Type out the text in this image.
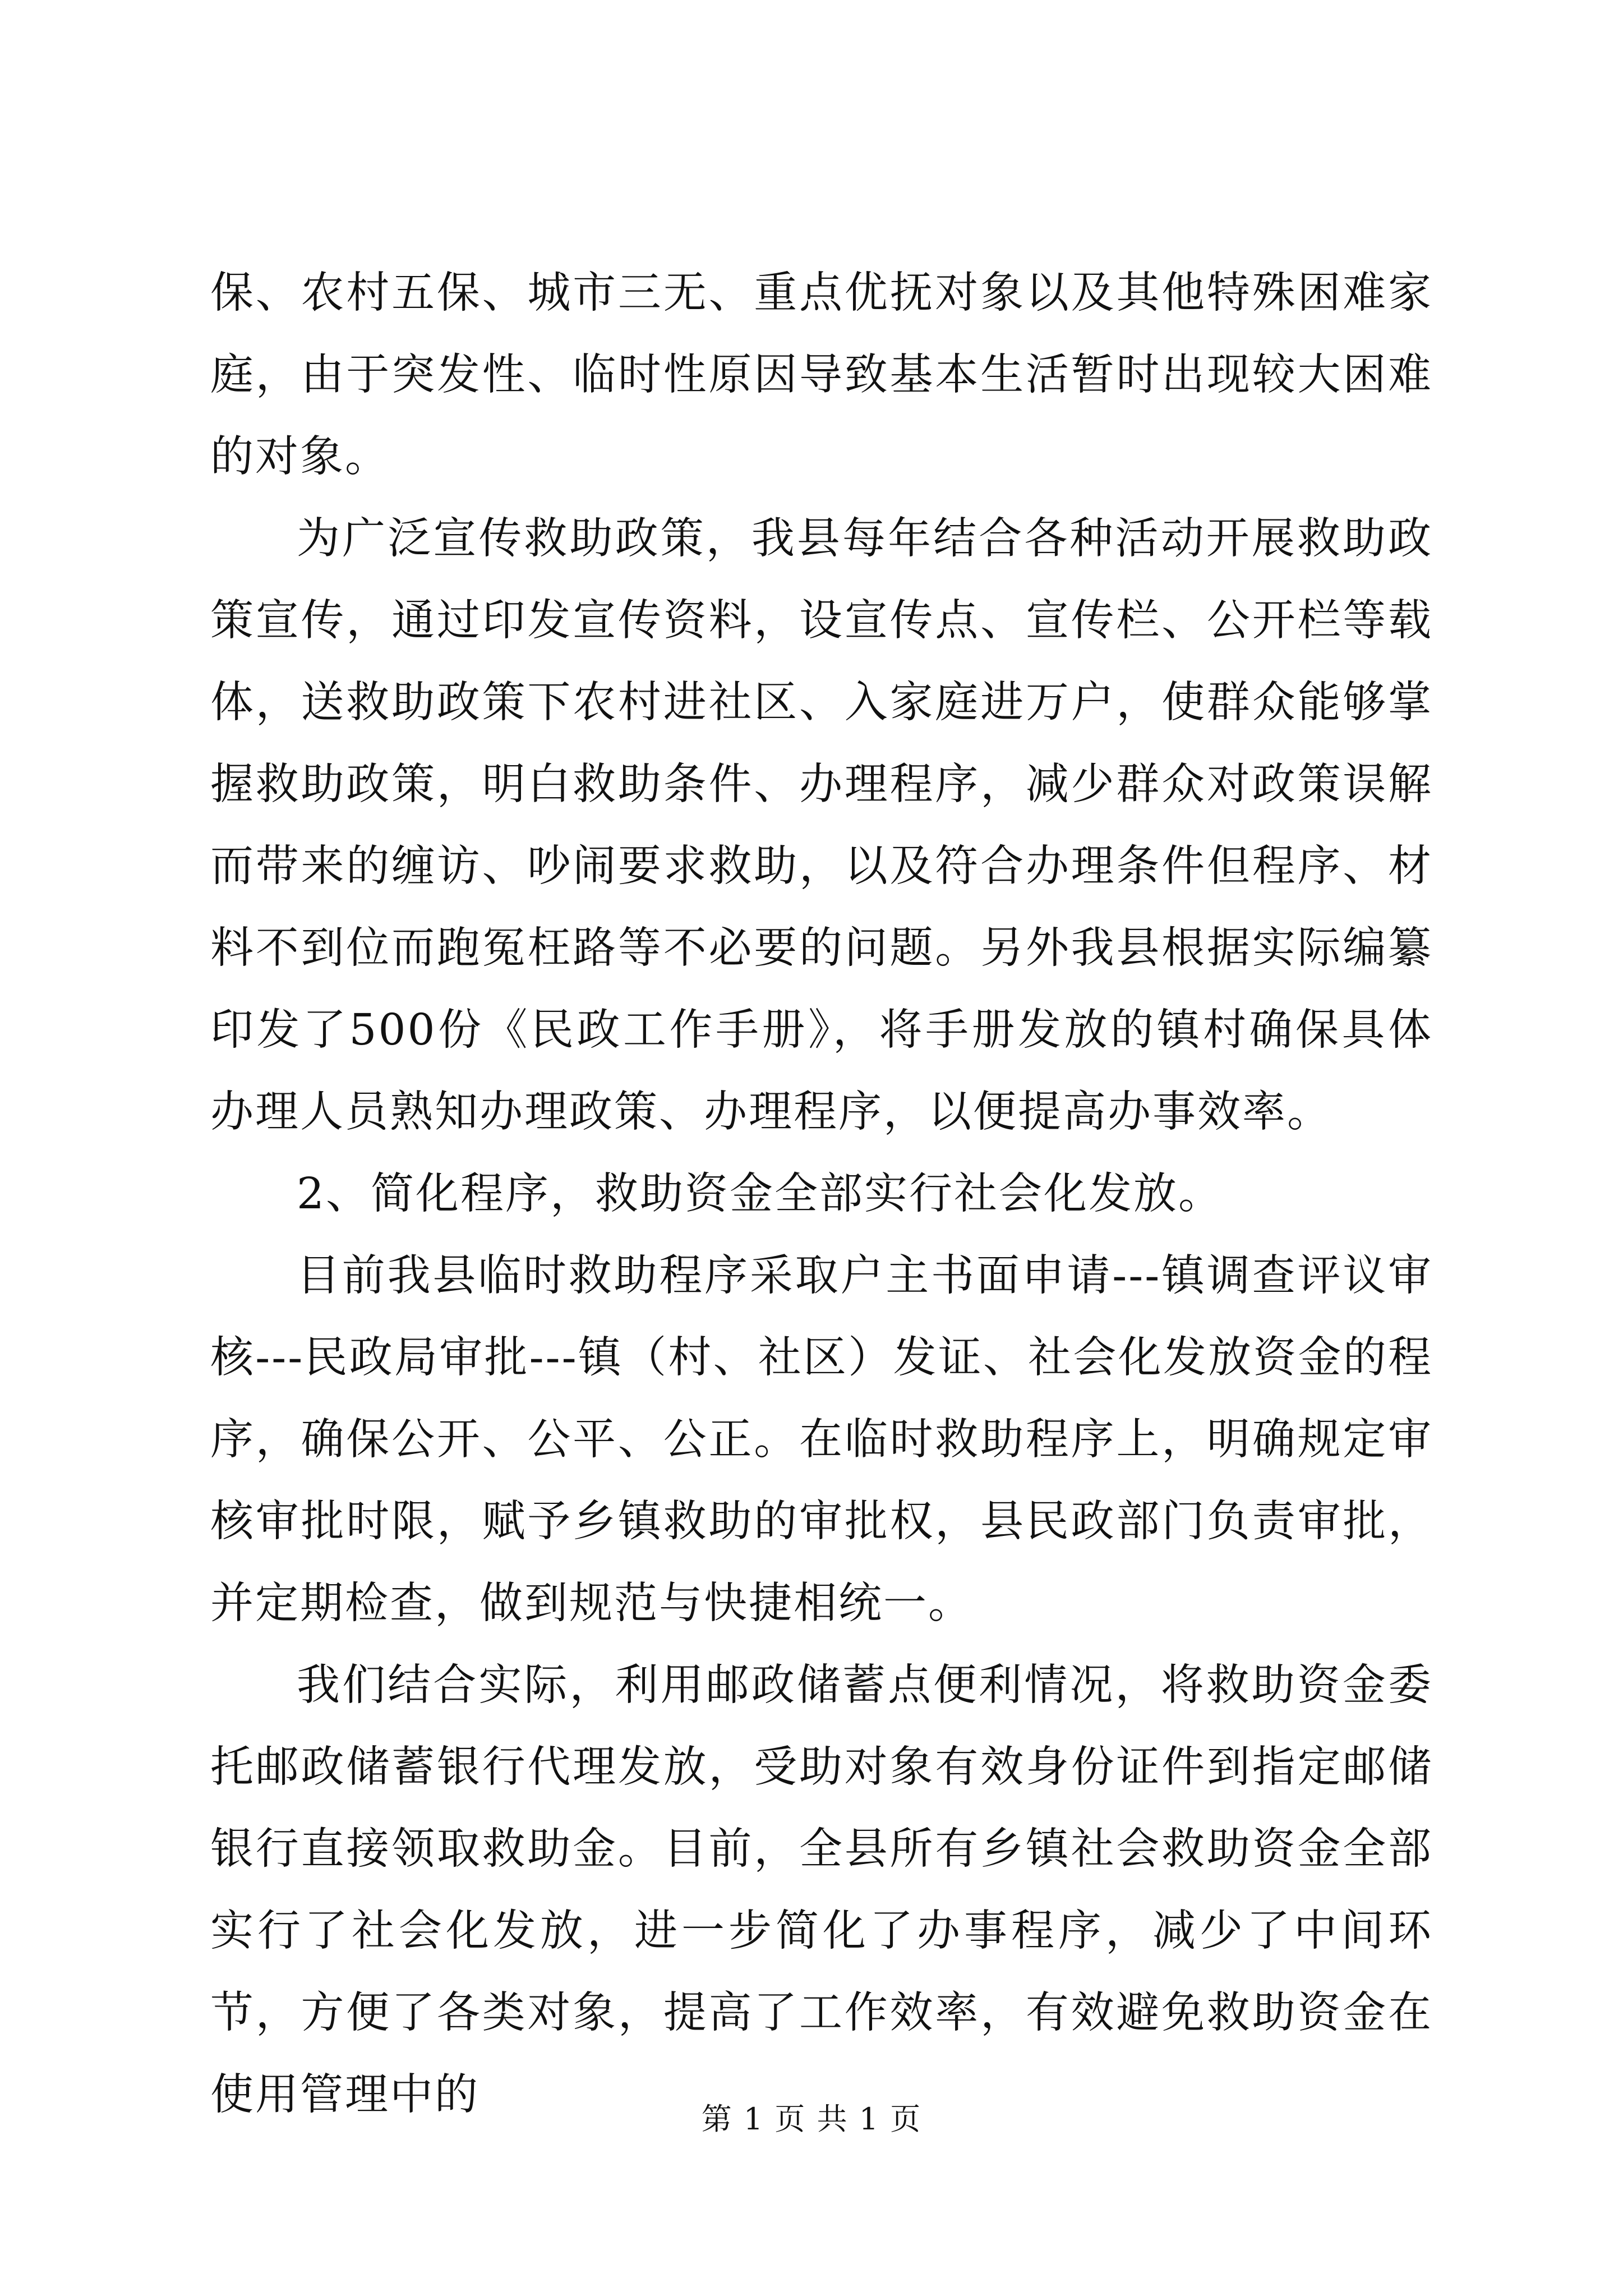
保、农村五保、城市三无、重点优抚对象以及其他特殊困难家庭，由于突发性、临时性原因导致基本生活暂时出现较大困难的对象。

为广泛宣传救助政策，我县每年结合各种活动开展救助政策宣传，通过印发宣传资料，设宣传点、宣传栏、公开栏等载体，送救助政策下农村进社区、入家庭进万户，使群众能够掌握救助政策，明白救助条件、办理程序，减少群众对政策误解而带来的缠访、吵闹要求救助，以及符合办理条件但程序、材料不到位而跑冤枉路等不必要的问题。另外我县根据实际编纂印发了500份《民政工作手册》，将手册发放的镇村确保具体办理人员熟知办理政策、办理程序，以便提高办事效率。

2、简化程序，救助资金全部实行社会化发放。

目前我县临时救助程序采取户主书面申请---镇调查评议审核---民政局审批---镇（村、社区）发证、社会化发放资金的程序，确保公开、公平、公正。在临时救助程序上，明确规定审核审批时限，赋予乡镇救助的审批权，县民政部门负责审批，并定期检查，做到规范与快捷相统一。

我们结合实际，利用邮政储蓄点便利情况，将救助资金委托邮政储蓄银行代理发放，受助对象有效身份证件到指定邮储银行直接领取救助金。目前，全县所有乡镇社会救助资金全部实行了社会化发放，进一步简化了办事程序，减少了中间环节，方便了各类对象，提高了工作效率，有效避免救助资金在使用管理中的	第 1 页 共 1 页
